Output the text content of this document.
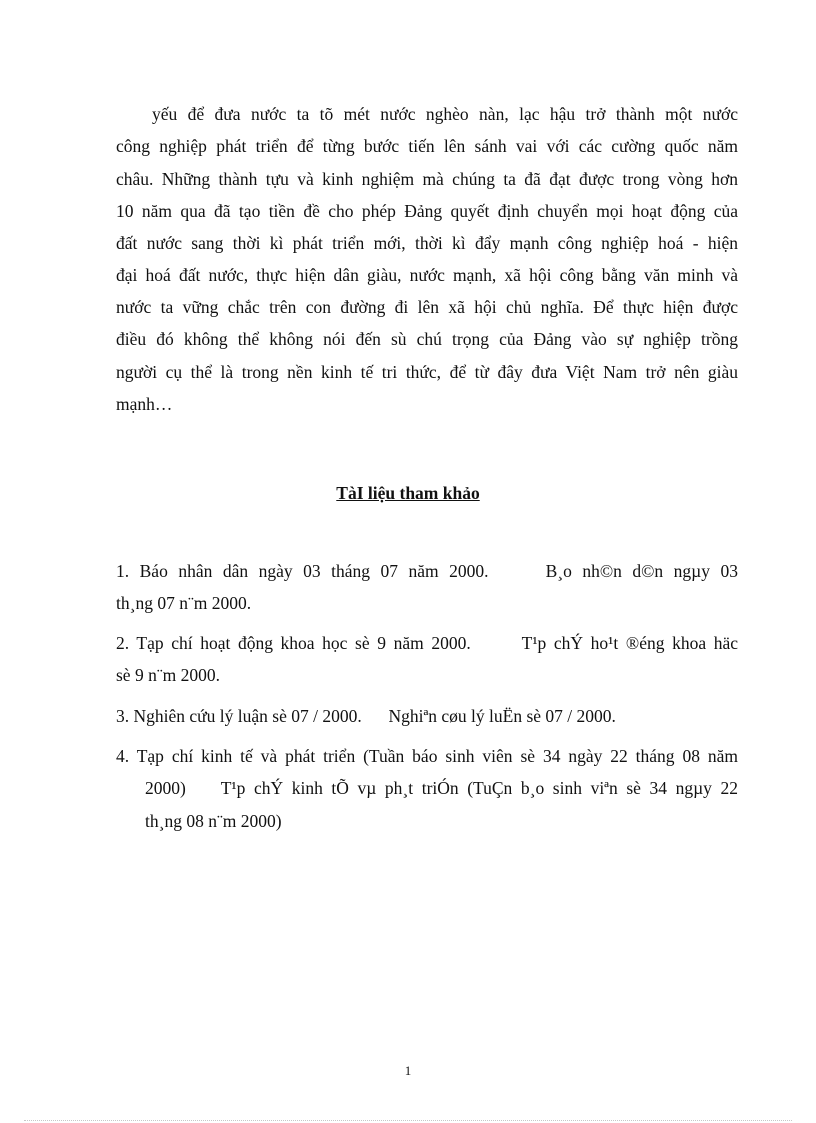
yếu để đưa nước ta tõ mét nước nghèo nàn, lạc hậu trở thành một nước
công nghiệp phát triển để từng bước tiến lên sánh vai với các cường quốc năm
châu. Những thành tựu và kinh nghiệm mà chúng ta đã đạt được trong vòng hơn
10 năm qua đã tạo tiền đề cho phép Đảng quyết định chuyển mọi hoạt động của
đất nước sang thời kì phát triển mới, thời kì đẩy mạnh công nghiệp hoá - hiện
đại hoá đất nước, thực hiện dân giàu, nước mạnh, xã hội công bằng văn minh và
nước ta vững chắc trên con đường đi lên xã hội chủ nghĩa. Để thực hiện được
điều đó không thể không nói đến sù chú trọng của Đảng vào sự nghiệp trồng
người cụ thể là trong nền kinh tế tri thức, để từ đây đưa Việt Nam trở nên giàu
mạnh…
TàI liệu tham khảo
1. Báo nhân dân ngày 03 tháng 07 năm 2000.	B¸o nh©n d©n ngµy 03
th¸ng 07 n¨m 2000.
2. Tạp chí hoạt động khoa học sè 9 năm 2000.	T¹p chÝ ho¹t ®éng khoa häc
sè 9 n¨m 2000.
3. Nghiên cứu lý luận sè 07 / 2000. Nghiªn cøu lý luËn sè 07 / 2000.
4. Tạp chí kinh tế và phát triển (Tuần báo sinh viên sè 34 ngày 22 tháng 08 năm
2000) T¹p chÝ kinh tÕ vµ ph¸t triÓn (TuÇn b¸o sinh viªn sè 34 ngµy 22
th¸ng 08 n¨m 2000)
1
